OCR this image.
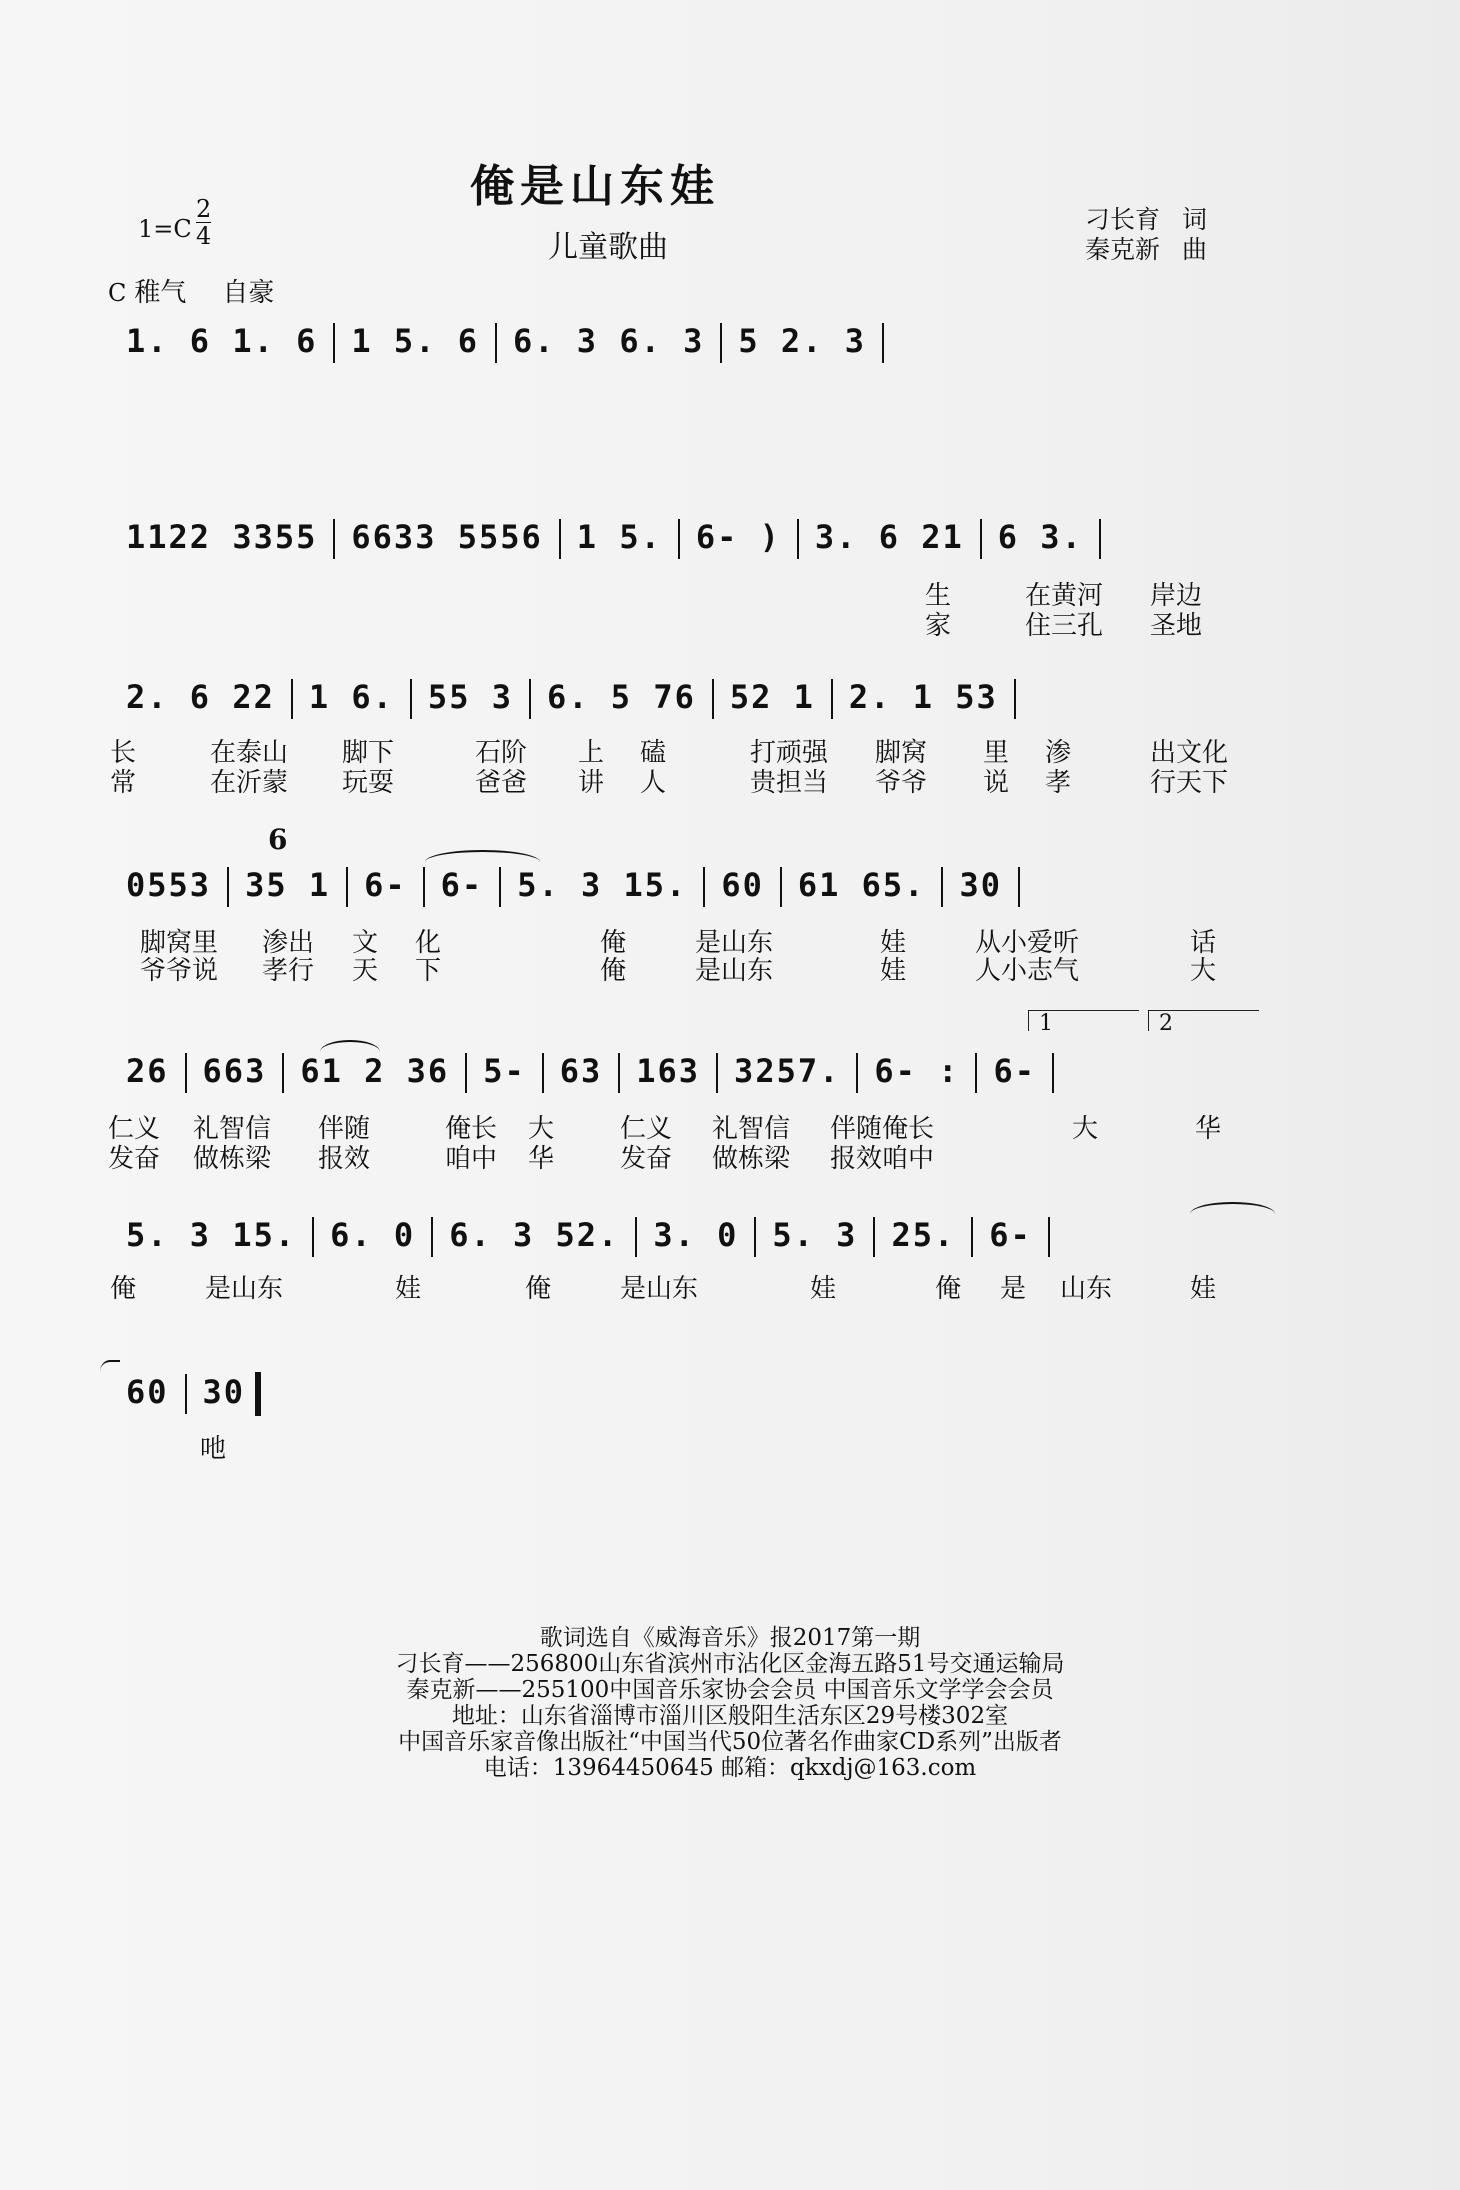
俺是山东娃
儿童歌曲
$1=C \frac{2}{4}$	刁长育 词
秦克新 曲
C 稚气 自豪
1. 6 1. 6 1 5. 6 6. 3 6. 3 5 2. 3
1122 3355 6633 5556 1 5. 6- ) 3. 6 21 6 3.
2. 6 22 1 6. 55 3 6. 5 76 52 1 2. 1 53
0553 35 1 6- 6- 5. 3 15. 60 61 65. 30
26 663 61 2 36 5- 63 163 3257. 6- : 6-
5. 3 15. 6. 0 6. 3 52. 3. 0 5. 3 25. 6-
60 30
6
1	2
生	在黄河 岸边
家	住三孔 圣地
长	在泰山 脚下	石阶 上 磕	打顽强 脚窝 里 渗	出文化
常	在沂蒙 玩耍	爸爸 讲 人	贵担当 爷爷 说 孝	行天下
脚窝里 渗出 文 化	俺	是山东	娃	从小爱听	话
爷爷说 孝行 天 下	俺	是山东	娃	人小志气	大
仁义 礼智信 伴随	俺长 大	仁义 礼智信 伴随俺长	大	华
发奋 做栋梁 报效	咱中 华	发奋 做栋梁 报效咱中
俺	是山东	娃	俺	是山东	娃	俺 是 山东	娃
吔
歌词选自《威海音乐》报2017第一期
刁长育——256800山东省滨州市沾化区金海五路51号交通运输局
秦克新——255100中国音乐家协会会员 中国音乐文学学会会员
地址：山东省淄博市淄川区般阳生活东区29号楼302室
中国音乐家音像出版社“中国当代50位著名作曲家CD系列”出版者
电话：13964450645 邮箱：qkxdj@163.com
